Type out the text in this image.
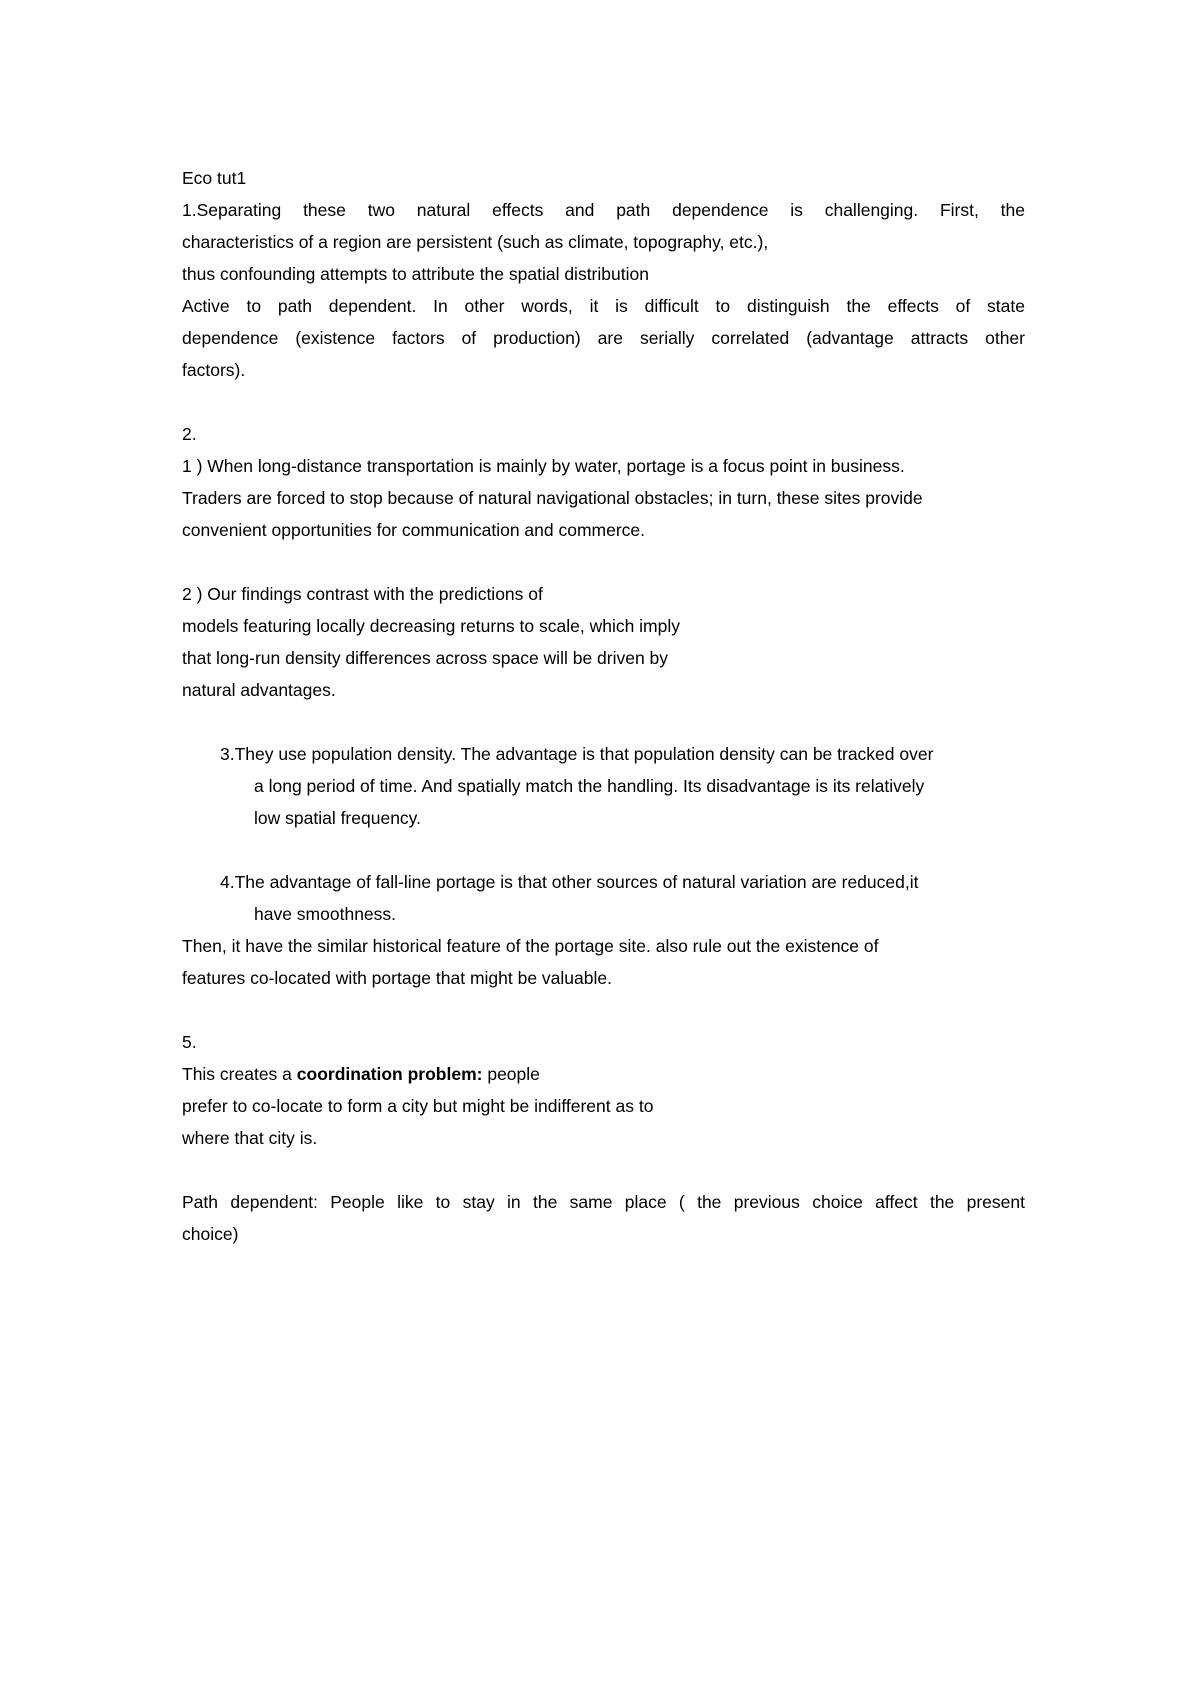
Eco tut1
1.Separating these two natural effects and path dependence is challenging. First, the
characteristics of a region are persistent (such as climate, topography, etc.),
thus confounding attempts to attribute the spatial distribution
Active to path dependent. In other words, it is difficult to distinguish the effects of state
dependence (existence factors of production) are serially correlated (advantage attracts other
factors).
2.
1 ) When long-distance transportation is mainly by water, portage is a focus point in business.
Traders are forced to stop because of natural navigational obstacles; in turn, these sites provide
convenient opportunities for communication and commerce.
2 ) Our findings contrast with the predictions of
models featuring locally decreasing returns to scale, which imply
that long-run density differences across space will be driven by
natural advantages.
3.They use population density. The advantage is that population density can be tracked over
a long period of time. And spatially match the handling. Its disadvantage is its relatively
low spatial frequency.
4.The advantage of fall-line portage is that other sources of natural variation are reduced,it
have smoothness.
Then, it have the similar historical feature of the portage site. also rule out the existence of
features co-located with portage that might be valuable.
5.
This creates a coordination problem: people
prefer to co-locate to form a city but might be indifferent as to
where that city is.
Path dependent: People like to stay in the same place ( the previous choice affect the present
choice)
